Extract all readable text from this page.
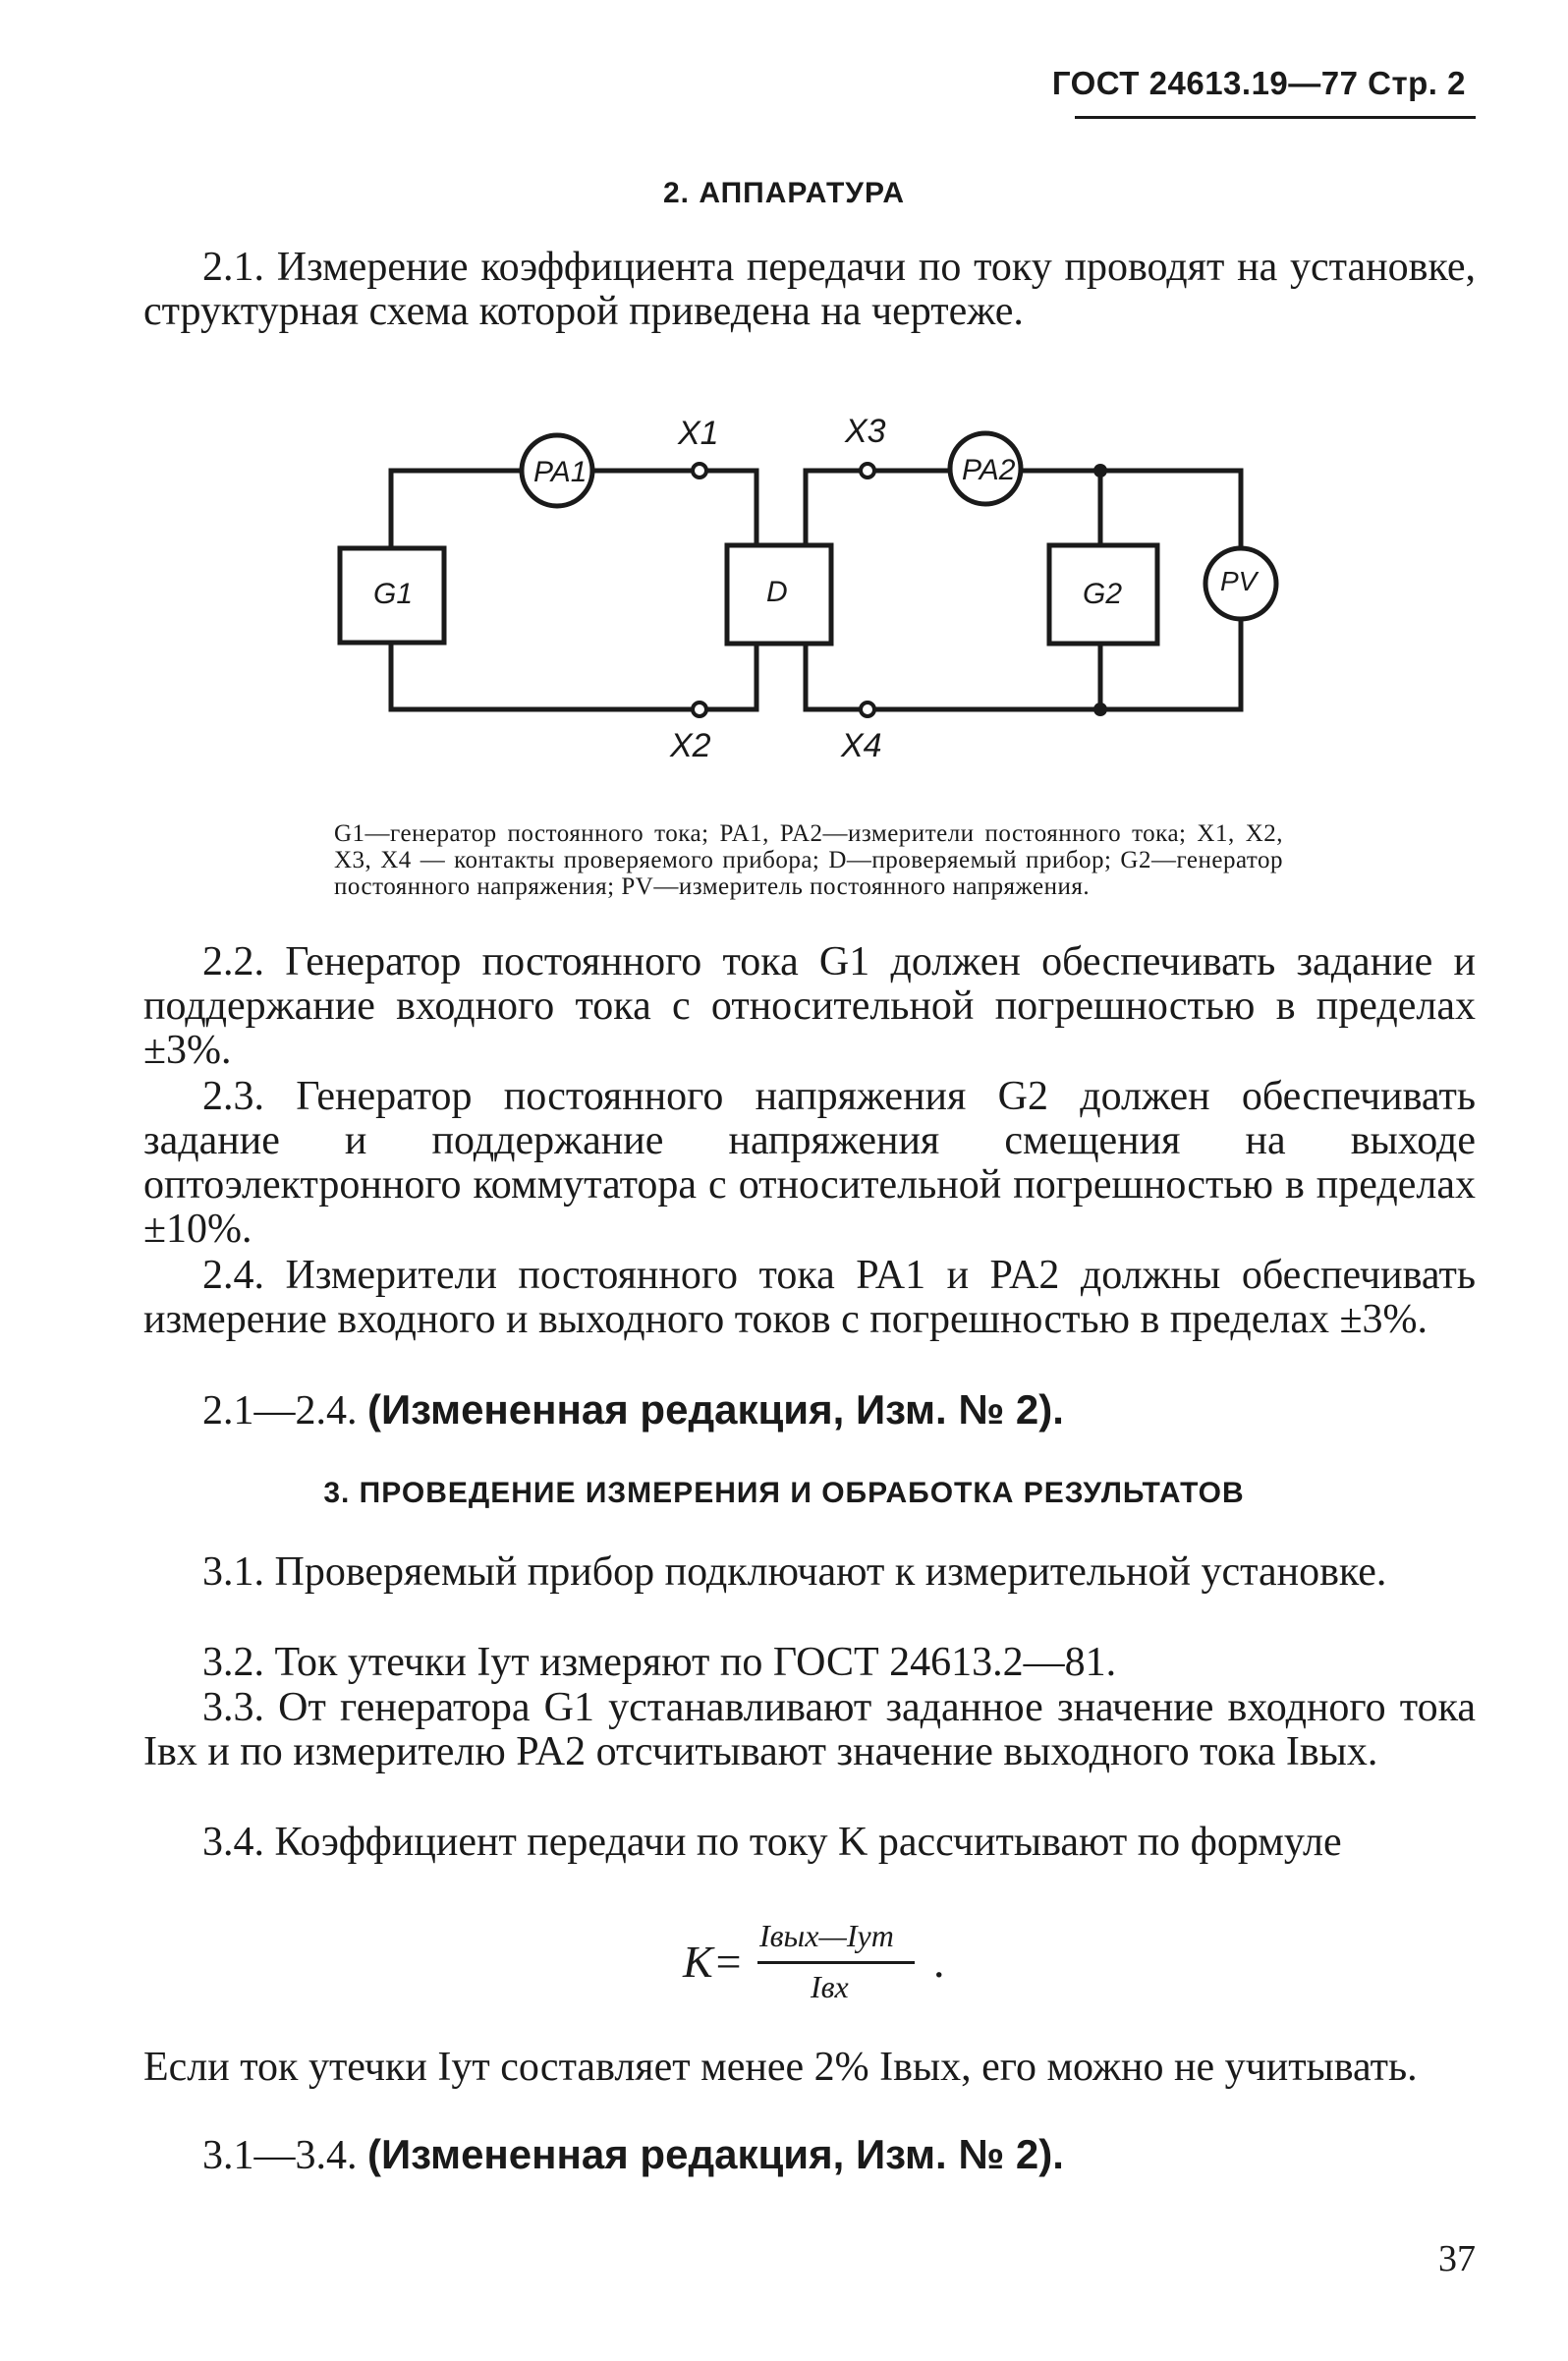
ГОСТ 24613.19—77 Стр. 2
2. АППАРАТУРА
2.1. Измерение коэффициента передачи по току проводят на установке, структурная схема которой приведена на чертеже.
PA1	PA2
PV
G1	D	G2
X1	X3
X2	X4
G1—генератор постоянного тока; PA1, PA2—измерители постоянного тока; X1, X2, X3, X4 — контакты проверяемого прибора; D—проверяемый прибор; G2—генератор постоянного напряжения; PV—измеритель постоянного напряжения.
2.2. Генератор постоянного тока G1 должен обеспечивать задание и поддержание входного тока с относительной погрешностью в пределах ±3%.
2.3. Генератор постоянного напряжения G2 должен обеспечивать задание и поддержание напряжения смещения на выходе оптоэлектронного коммутатора с относительной погрешностью в пределах ±10%.
2.4. Измерители постоянного тока PA1 и PA2 должны обеспечивать измерение входного и выходного токов с погрешностью в пределах ±3%.
2.1—2.4. (Измененная редакция, Изм. № 2).
3. ПРОВЕДЕНИЕ ИЗМЕРЕНИЯ И ОБРАБОТКА РЕЗУЛЬТАТОВ
3.1. Проверяемый прибор подключают к измерительной установке.
3.2. Ток утечки Iут измеряют по ГОСТ 24613.2—81.
3.3. От генератора G1 устанавливают заданное значение входного тока Iвх и по измерителю PA2 отсчитывают значение выходного тока Iвых.
3.4. Коэффициент передачи по току K рассчитывают по формуле
K=
Iвых—Iут
Iвх .
Если ток утечки Iут составляет менее 2% Iвых, его можно не учитывать.
3.1—3.4. (Измененная редакция, Изм. № 2).
37
